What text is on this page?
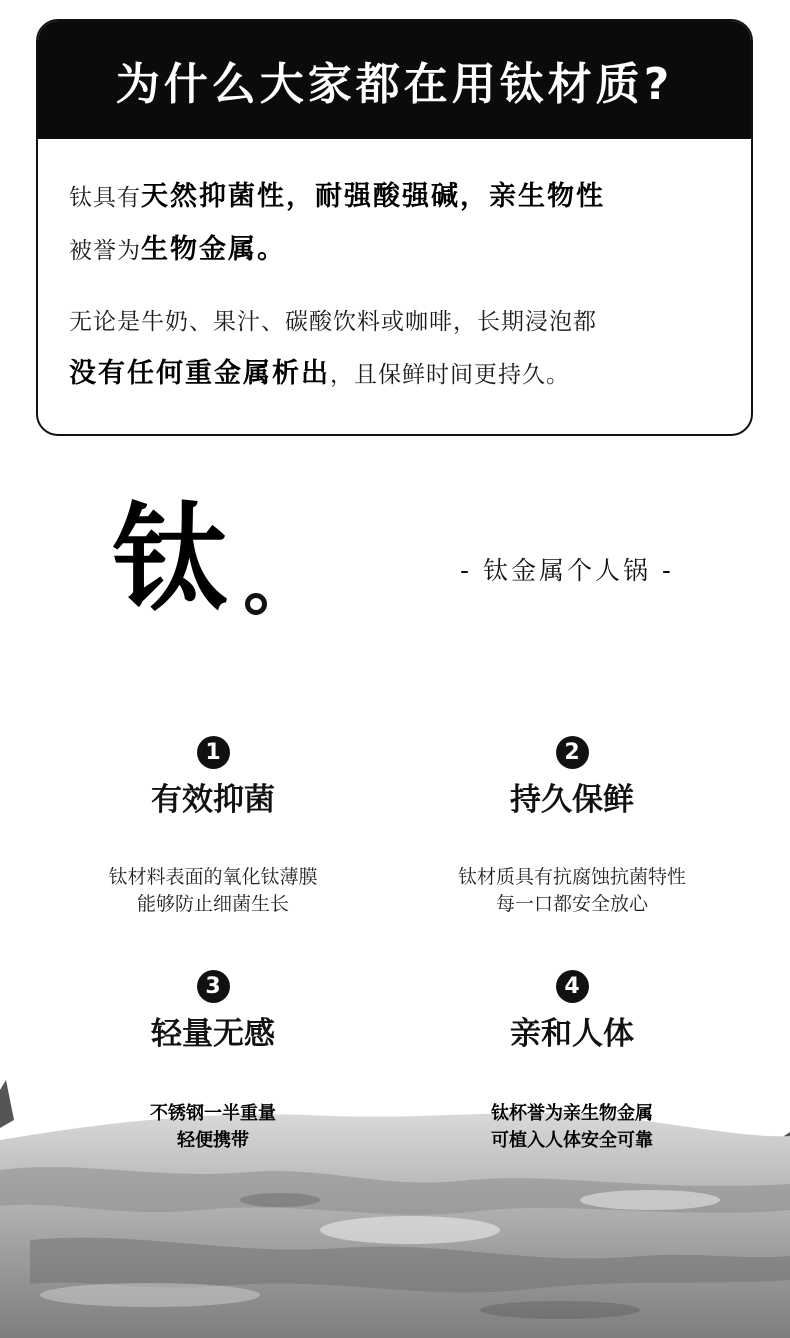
为什么大家都在用钛材质?

钛具有天然抑菌性，耐强酸强碱，亲生物性
被誉为生物金属。

无论是牛奶、果汁、碳酸饮料或咖啡，长期浸泡都
没有任何重金属析出，且保鲜时间更持久。

钛	- 钛金属个人锅 -
1
有效抑菌
钛材料表面的氧化钛薄膜
能够防止细菌生长
2
持久保鲜
钛材质具有抗腐蚀抗菌特性
每一口都安全放心
3
轻量无感
不锈钢一半重量
轻便携带
4
亲和人体
钛杯誉为亲生物金属
可植入人体安全可靠
